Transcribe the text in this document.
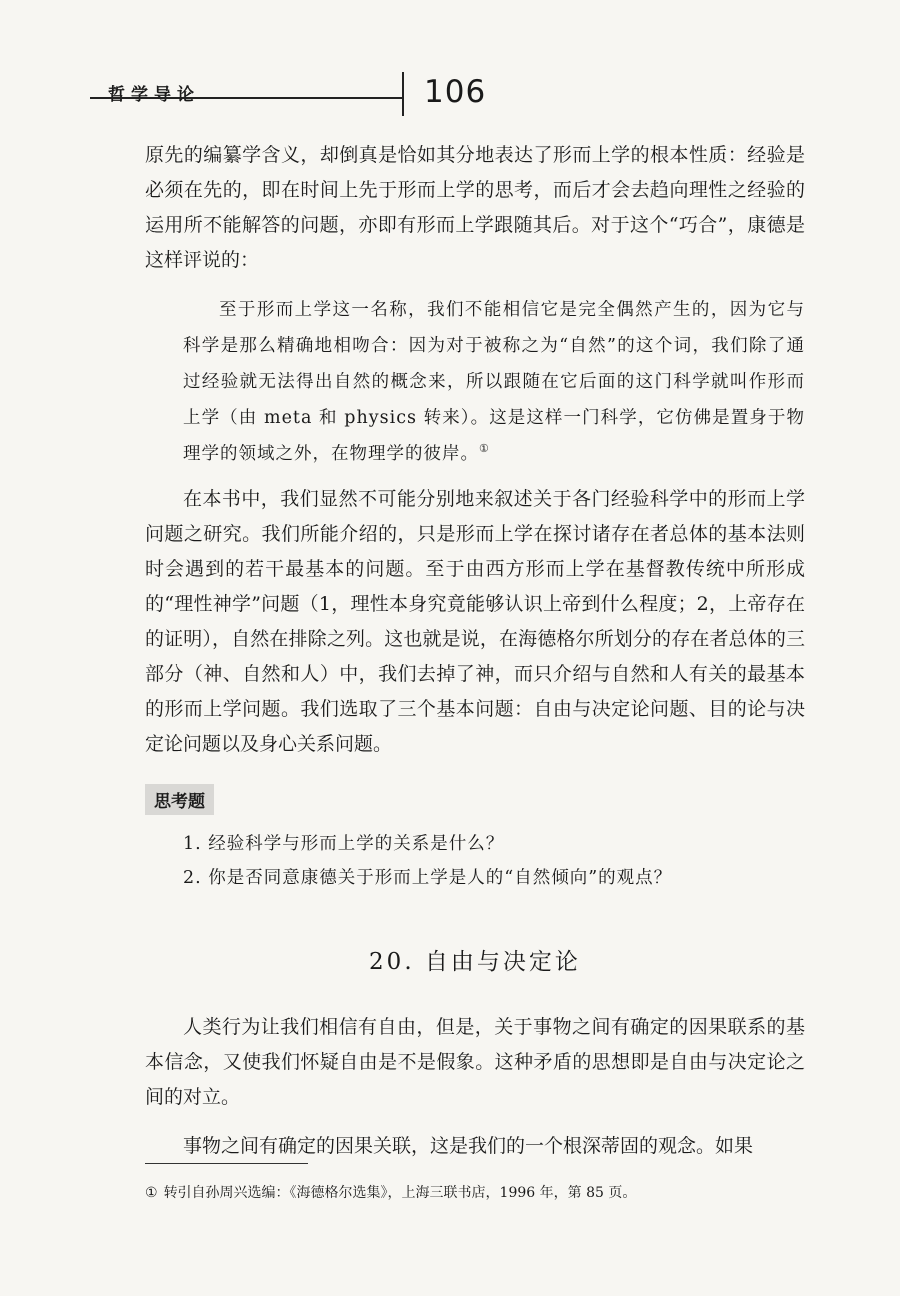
哲学导论	106

原先的编纂学含义，却倒真是恰如其分地表达了形而上学的根本性质：经验是必须在先的，即在时间上先于形而上学的思考，而后才会去趋向理性之经验的运用所不能解答的问题，亦即有形而上学跟随其后。对于这个“巧合”，康德是这样评说的：

至于形而上学这一名称，我们不能相信它是完全偶然产生的，因为它与科学是那么精确地相吻合：因为对于被称之为“自然”的这个词，我们除了通过经验就无法得出自然的概念来，所以跟随在它后面的这门科学就叫作形而上学（由 meta 和 physics 转来）。这是这样一门科学，它仿佛是置身于物理学的领域之外，在物理学的彼岸。①

在本书中，我们显然不可能分别地来叙述关于各门经验科学中的形而上学问题之研究。我们所能介绍的，只是形而上学在探讨诸存在者总体的基本法则时会遇到的若干最基本的问题。至于由西方形而上学在基督教传统中所形成的“理性神学”问题（1，理性本身究竟能够认识上帝到什么程度；2，上帝存在的证明），自然在排除之列。这也就是说，在海德格尔所划分的存在者总体的三部分（神、自然和人）中，我们去掉了神，而只介绍与自然和人有关的最基本的形而上学问题。我们选取了三个基本问题：自由与决定论问题、目的论与决定论问题以及身心关系问题。

思考题
1. 经验科学与形而上学的关系是什么？
2. 你是否同意康德关于形而上学是人的“自然倾向”的观点？
20. 自由与决定论

人类行为让我们相信有自由，但是，关于事物之间有确定的因果联系的基本信念，又使我们怀疑自由是不是假象。这种矛盾的思想即是自由与决定论之间的对立。

事物之间有确定的因果关联，这是我们的一个根深蒂固的观念。如果

① 转引自孙周兴选编：《海德格尔选集》，上海三联书店，1996 年，第 85 页。
